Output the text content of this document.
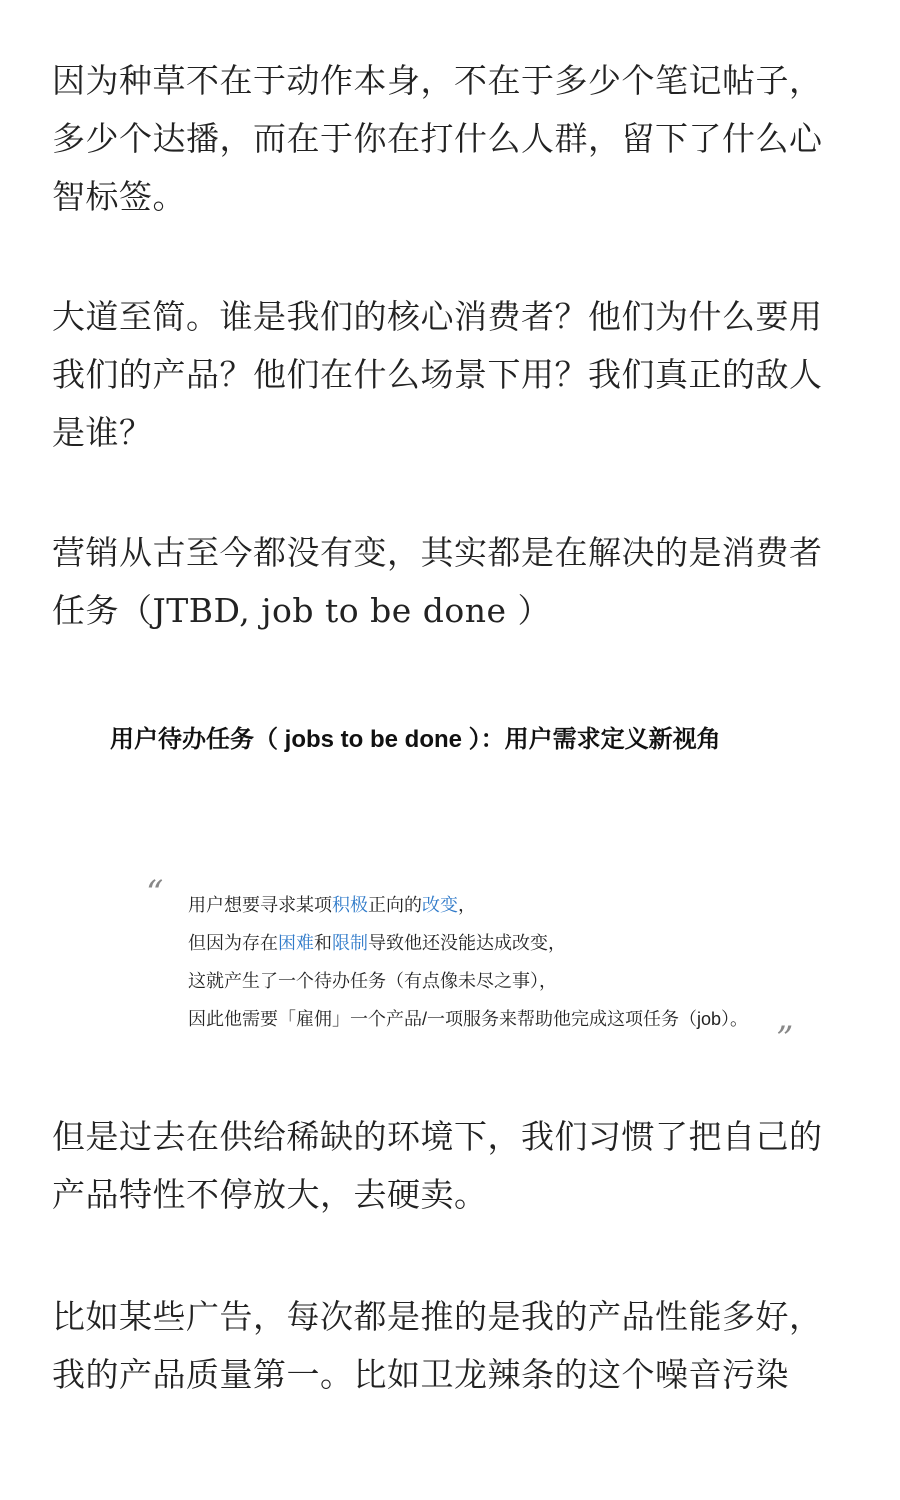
因为种草不在于动作本身，不在于多少个笔记帖子，多少个达播，而在于你在打什么人群，留下了什么心智标签。

大道至简。谁是我们的核心消费者？他们为什么要用我们的产品？他们在什么场景下用？我们真正的敌人是谁？

营销从古至今都没有变，其实都是在解决的是消费者任务（JTBD, job to be done ）

用户待办任务（ jobs to be done ）：用户需求定义新视角

“ 用户想要寻求某项积极正向的改变，

但因为存在困难和限制导致他还没能达成改变，

这就产生了一个待办任务（有点像未尽之事），

因此他需要「雇佣」一个产品/一项服务来帮助他完成这项任务（job）。 ”

但是过去在供给稀缺的环境下，我们习惯了把自己的产品特性不停放大，去硬卖。

比如某些广告，每次都是推的是我的产品性能多好，我的产品质量第一。比如卫龙辣条的这个噪音污染
